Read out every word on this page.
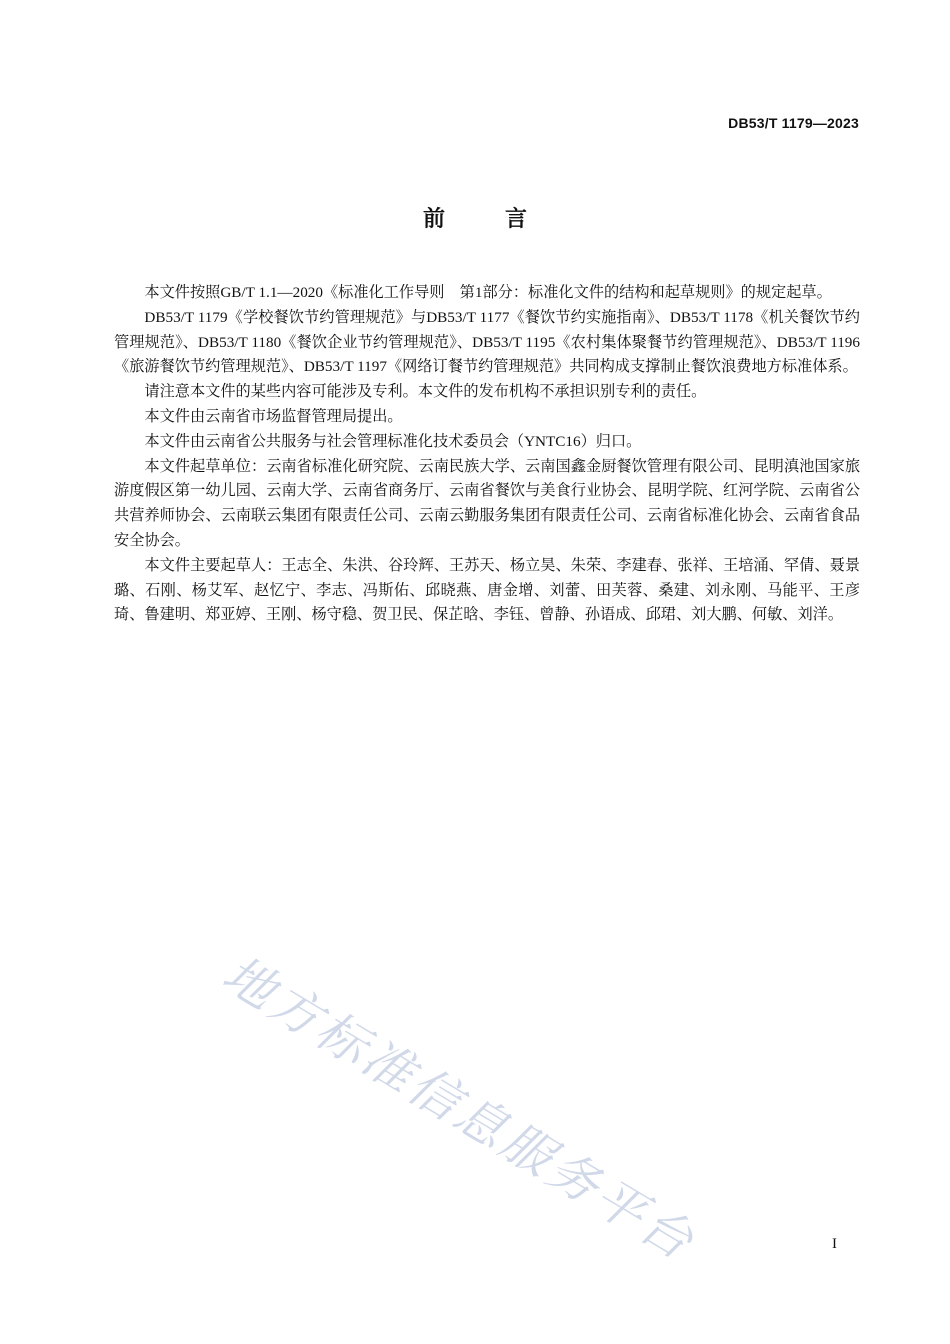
DB53/T 1179—2023
前	言

本文件按照GB/T 1.1—2020《标准化工作导则　第1部分：标准化文件的结构和起草规则》的规定起草。

DB53/T 1179《学校餐饮节约管理规范》与DB53/T 1177《餐饮节约实施指南》、DB53/T 1178《机关餐饮节约管理规范》、DB53/T 1180《餐饮企业节约管理规范》、DB53/T 1195《农村集体聚餐节约管理规范》、DB53/T 1196《旅游餐饮节约管理规范》、DB53/T 1197《网络订餐节约管理规范》共同构成支撑制止餐饮浪费地方标准体系。

请注意本文件的某些内容可能涉及专利。本文件的发布机构不承担识别专利的责任。

本文件由云南省市场监督管理局提出。

本文件由云南省公共服务与社会管理标准化技术委员会（YNTC16）归口。

本文件起草单位：云南省标准化研究院、云南民族大学、云南国鑫金厨餐饮管理有限公司、昆明滇池国家旅游度假区第一幼儿园、云南大学、云南省商务厅、云南省餐饮与美食行业协会、昆明学院、红河学院、云南省公共营养师协会、云南联云集团有限责任公司、云南云勤服务集团有限责任公司、云南省标准化协会、云南省食品安全协会。

本文件主要起草人：王志全、朱洪、谷玲辉、王苏天、杨立昊、朱荣、李建春、张祥、王培涌、罕倩、聂景璐、石刚、杨艾军、赵忆宁、李志、冯斯佑、邱晓燕、唐金增、刘蕾、田芙蓉、桑建、刘永刚、马能平、王彦琦、鲁建明、郑亚婷、王刚、杨守稳、贺卫民、保芷晗、李钰、曾静、孙语成、邱珺、刘大鹏、何敏、刘洋。

地方标准信息服务平台	I
